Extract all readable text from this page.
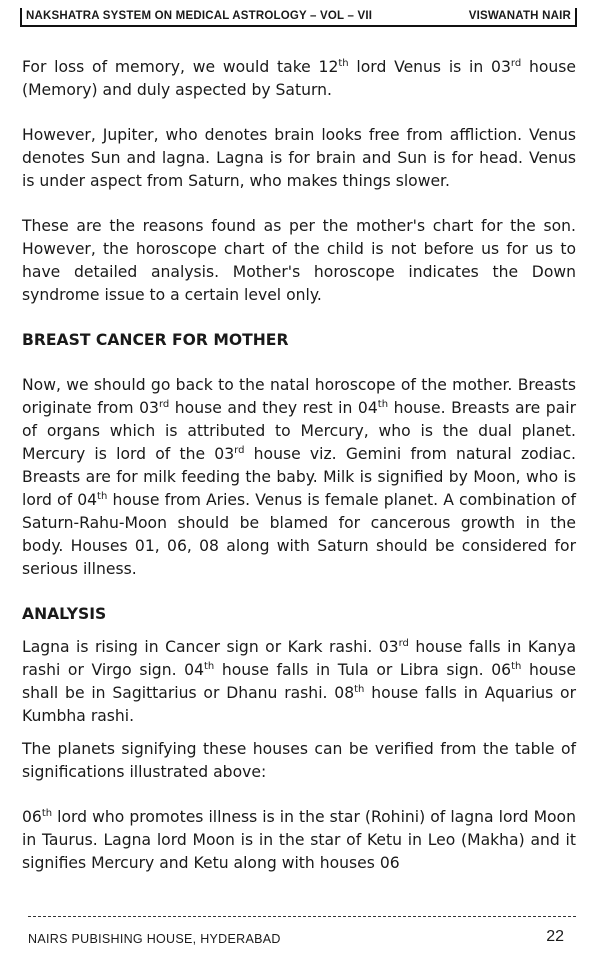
NAKSHATRA SYSTEM ON MEDICAL ASTROLOGY – VOL – VII	VISWANATH NAIR

For loss of memory, we would take 12th lord Venus is in 03rd house (Memory) and duly aspected by Saturn.

However, Jupiter, who denotes brain looks free from affliction. Venus denotes Sun and lagna. Lagna is for brain and Sun is for head. Venus is under aspect from Saturn, who makes things slower.

These are the reasons found as per the mother's chart for the son. However, the horoscope chart of the child is not before us for us to have detailed analysis. Mother's horoscope indicates the Down syndrome issue to a certain level only.

BREAST CANCER FOR MOTHER

Now, we should go back to the natal horoscope of the mother. Breasts originate from 03rd house and they rest in 04th house. Breasts are pair of organs which is attributed to Mercury, who is the dual planet. Mercury is lord of the 03rd house viz. Gemini from natural zodiac. Breasts are for milk feeding the baby. Milk is signified by Moon, who is lord of 04th house from Aries. Venus is female planet. A combination of Saturn-Rahu-Moon should be blamed for cancerous growth in the body. Houses 01, 06, 08 along with Saturn should be considered for serious illness.

ANALYSIS

Lagna is rising in Cancer sign or Kark rashi. 03rd house falls in Kanya rashi or Virgo sign. 04th house falls in Tula or Libra sign. 06th house shall be in Sagittarius or Dhanu rashi. 08th house falls in Aquarius or Kumbha rashi.

The planets signifying these houses can be verified from the table of significations illustrated above:

06th lord who promotes illness is in the star (Rohini) of lagna lord Moon in Taurus. Lagna lord Moon is in the star of Ketu in Leo (Makha) and it signifies Mercury and Ketu along with houses 06

NAIRS PUBISHING HOUSE, HYDERABAD	22
